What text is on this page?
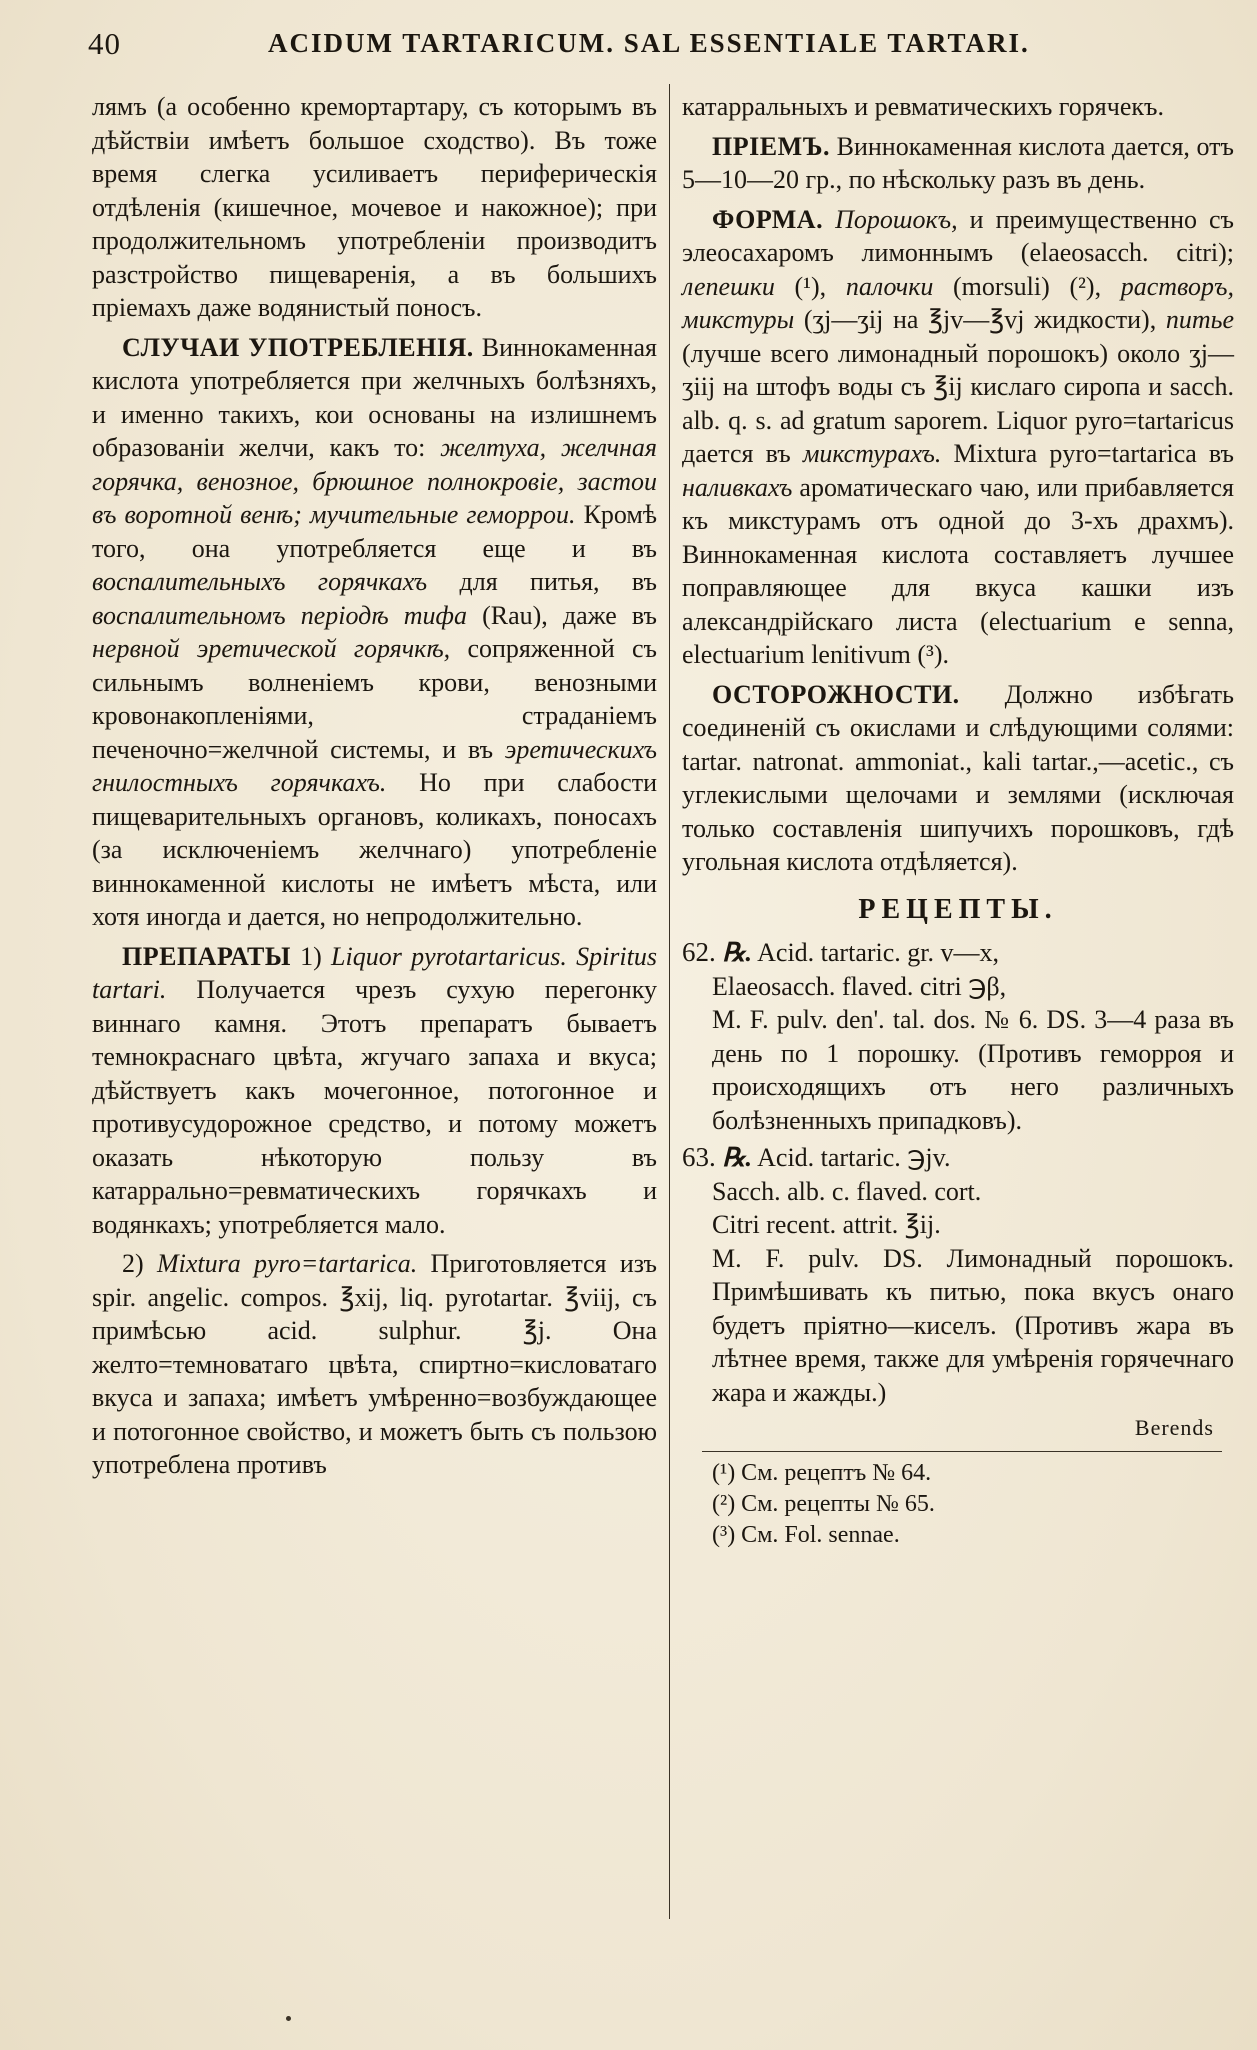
40	ACIDUM TARTARICUM. SAL ESSENTIALE TARTARI.

лямъ (а особенно кремортартару, съ которымъ въ дѣйствіи имѣетъ большое сходство). Въ тоже время слегка усиливаетъ периферическія отдѣленія (кишечное, мочевое и накожное); при продолжительномъ употребленіи производитъ разстройство пищеваренія, а въ большихъ пріемахъ даже водянистый поносъ.

СЛУЧАИ УПОТРЕБЛЕНІЯ. Виннокаменная кислота употребляется при желчныхъ болѣзняхъ, и именно такихъ, кои основаны на излишнемъ образованіи желчи, какъ то: желтуха, желчная горячка, венозное, брюшное полнокровіе, застои въ воротной венѣ; мучительные геморрои. Кромѣ того, она употребляется еще и въ воспалительныхъ горячкахъ для питья, въ воспалительномъ періодѣ тифа (Rau), даже въ нервной эретической горячкѣ, сопряженной съ сильнымъ волненіемъ крови, венозными кровонакопленіями, страданіемъ печеночно=желчной системы, и въ эретическихъ гнилостныхъ горячкахъ. Но при слабости пищеварительныхъ органовъ, коликахъ, поносахъ (за исключеніемъ желчнаго) употребленіе виннокаменной кислоты не имѣетъ мѣста, или хотя иногда и дается, но непродолжительно.

ПРЕПАРАТЫ 1) Liquor pyrotartaricus. Spiritus tartari. Получается чрезъ сухую перегонку виннаго камня. Этотъ препаратъ бываетъ темнокраснаго цвѣта, жгучаго запаха и вкуса; дѣйствуетъ какъ мочегонное, потогонное и противусудорожное средство, и потому можетъ оказать нѣкоторую пользу въ катаррально=ревматическихъ горячкахъ и водянкахъ; употребляется мало.

2) Mixtura pyro=tartarica. Приготовляется изъ spir. angelic. compos. ℥xij, liq. pyrotartar. ℥viij, съ примѣсью acid. sulphur. ℥j. Она желто=темноватаго цвѣта, спиртно=кисловатаго вкуса и запаха; имѣетъ умѣренно=возбуждающее и потогонное свойство, и можетъ быть съ пользою употреблена противъ

катарральныхъ и ревматическихъ горячекъ.

ПРІЕМЪ. Виннокаменная кислота дается, отъ 5—10—20 гр., по нѣскольку разъ въ день.

ФОРМА. Порошокъ, и преимущественно съ элеосахаромъ лимоннымъ (elaeosacch. citri); лепешки (¹), палочки (morsuli) (²), растворъ, микстуры (ʒj—ʒij на ℥jv—℥vj жидкости), питье (лучше всего лимонадный порошокъ) около ʒj—ʒiij на штофъ воды съ ℥ij кислаго сиропа и sacch. alb. q. s. ad gratum saporem. Liquor pyro=tartaricus дается въ микстурахъ. Mixtura pyro=tartarica въ наливкахъ ароматическаго чаю, или прибавляется къ микстурамъ отъ одной до 3-хъ драхмъ). Виннокаменная кислота составляетъ лучшее поправляющее для вкуса кашки изъ александрійскаго листа (electuarium e senna, electuarium lenitivum (³).

ОСТОРОЖНОСТИ. Должно избѣгать соединеній съ окислами и слѣдующими солями: tartar. natronat. ammoniat., kali tartar.,—acetic., съ углекислыми щелочами и землями (исключая только составленія шипучихъ порошковъ, гдѣ угольная кислота отдѣляется).

РЕЦЕПТЫ.

62. ℞. Acid. tartaric. gr. v—x,
Elaeosacch. flaved. citri ℈β,
M. F. pulv. den'. tal. dos. № 6. DS. 3—4 раза въ день по 1 порошку. (Противъ геморроя и происходящихъ отъ него различныхъ болѣзненныхъ припадковъ).

63. ℞. Acid. tartaric. ℈jv.
Sacch. alb. c. flaved. cort.
Citri recent. attrit. ℥ij.
M. F. pulv. DS. Лимонадный порошокъ. Примѣшивать къ питью, пока вкусъ онаго будетъ пріятно—киселъ. (Противъ жара въ лѣтнее время, также для умѣренія горячечнаго жара и жажды.)

Berends

(¹) См. рецептъ № 64.
(²) См. рецепты № 65.
(³) См. Fol. sennae.
